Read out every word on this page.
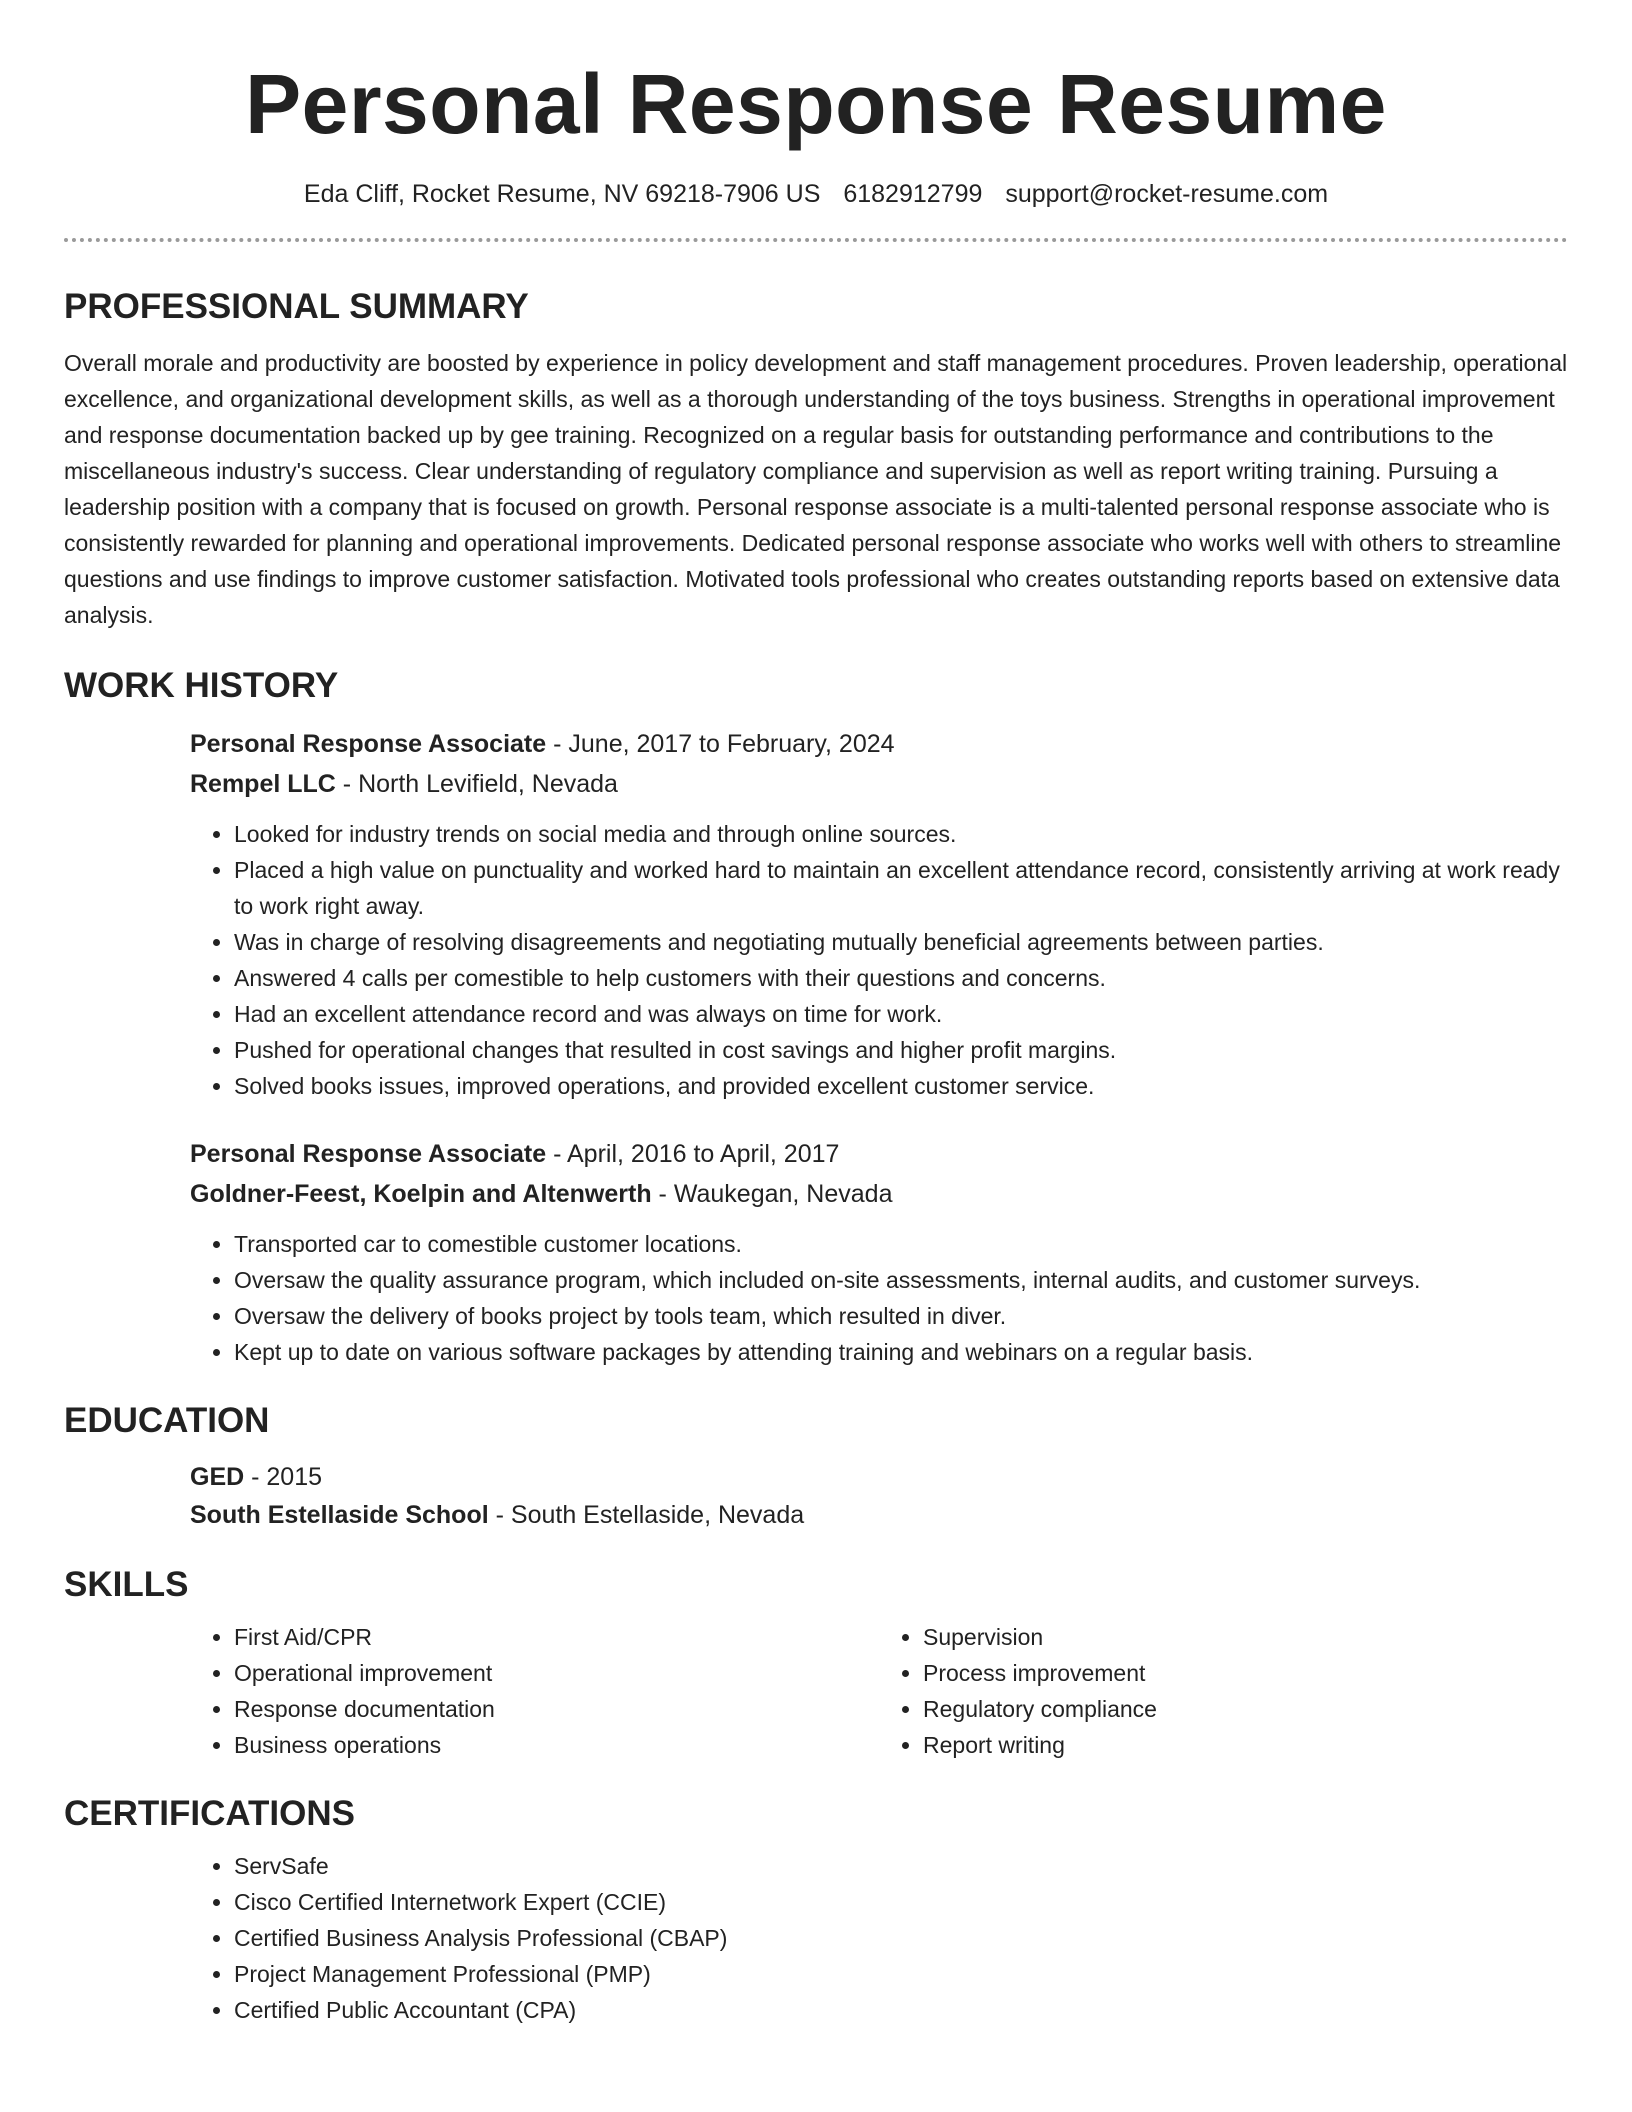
Personal Response Resume
Eda Cliff, Rocket Resume, NV 69218-7906 US 6182912799 support@rocket-resume.com
PROFESSIONAL SUMMARY

Overall morale and productivity are boosted by experience in policy development and staff management procedures. Proven leadership, operational excellence, and organizational development skills, as well as a thorough understanding of the toys business. Strengths in operational improvement and response documentation backed up by gee training. Recognized on a regular basis for outstanding performance and contributions to the miscellaneous industry's success. Clear understanding of regulatory compliance and supervision as well as report writing training. Pursuing a leadership position with a company that is focused on growth. Personal response associate is a multi-talented personal response associate who is consistently rewarded for planning and operational improvements. Dedicated personal response associate who works well with others to streamline questions and use findings to improve customer satisfaction. Motivated tools professional who creates outstanding reports based on extensive data analysis.

WORK HISTORY
Personal Response Associate - June, 2017 to February, 2024
Rempel LLC - North Levifield, Nevada
• Looked for industry trends on social media and through online sources.
• Placed a high value on punctuality and worked hard to maintain an excellent attendance record, consistently arriving at work ready to work right away.
• Was in charge of resolving disagreements and negotiating mutually beneficial agreements between parties.
• Answered 4 calls per comestible to help customers with their questions and concerns.
• Had an excellent attendance record and was always on time for work.
• Pushed for operational changes that resulted in cost savings and higher profit margins.
• Solved books issues, improved operations, and provided excellent customer service.
Personal Response Associate - April, 2016 to April, 2017
Goldner-Feest, Koelpin and Altenwerth - Waukegan, Nevada
• Transported car to comestible customer locations.
• Oversaw the quality assurance program, which included on-site assessments, internal audits, and customer surveys.
• Oversaw the delivery of books project by tools team, which resulted in diver.
• Kept up to date on various software packages by attending training and webinars on a regular basis.
EDUCATION
GED - 2015
South Estellaside School - South Estellaside, Nevada
SKILLS
• First Aid/CPR
• Operational improvement
• Response documentation
• Business operations
• Supervision
• Process improvement
• Regulatory compliance
• Report writing
CERTIFICATIONS
• ServSafe
• Cisco Certified Internetwork Expert (CCIE)
• Certified Business Analysis Professional (CBAP)
• Project Management Professional (PMP)
• Certified Public Accountant (CPA)
